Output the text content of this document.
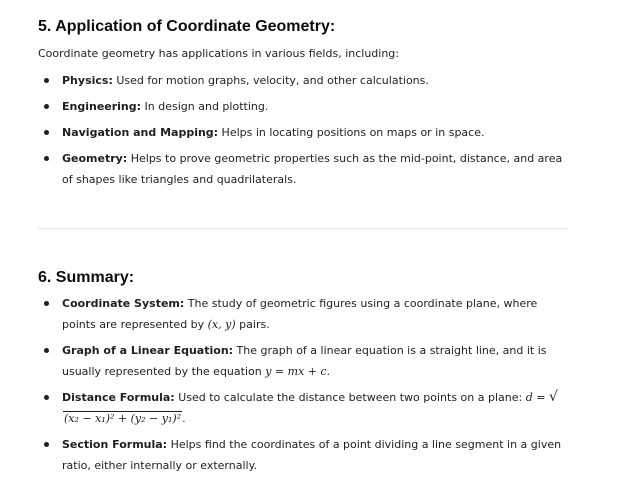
5. Application of Coordinate Geometry:

Coordinate geometry has applications in various fields, including:

Physics: Used for motion graphs, velocity, and other calculations.
Engineering: In design and plotting.
Navigation and Mapping: Helps in locating positions on maps or in space.
Geometry: Helps to prove geometric properties such as the mid-point, distance, and area of shapes like triangles and quadrilaterals.
6. Summary:
Coordinate System: The study of geometric figures using a coordinate plane, where points are represented by (x, y) pairs.
Graph of a Linear Equation: The graph of a linear equation is a straight line, and it is usually represented by the equation y = mx + c.
Distance Formula: Used to calculate the distance between two points on a plane: d = √(x₂ − x₁)² + (y₂ − y₁)².
Section Formula: Helps find the coordinates of a point dividing a line segment in a given ratio, either internally or externally.
